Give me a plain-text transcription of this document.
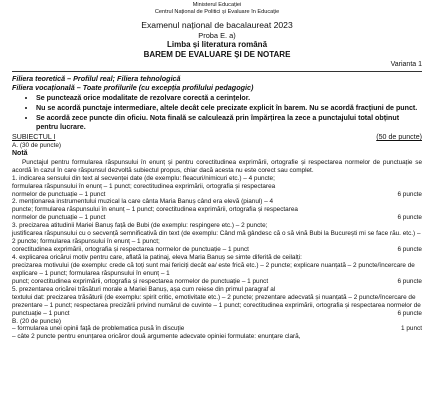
Ministerul Educației
Centrul Național de Politici și Evaluare în Educație
Examenul național de bacalaureat 2023
Proba E. a)
Limba și literatura română
BAREM DE EVALUARE ȘI DE NOTARE
Varianta 1
Filiera teoretică – Profilul real; Filiera tehnologică
Filiera vocațională – Toate profilurile (cu excepția profilului pedagogic)
• Se punctează orice modalitate de rezolvare corectă a cerințelor.
• Nu se acordă punctaje intermediare, altele decât cele precizate explicit în barem. Nu se acordă fracțiuni de punct.
• Se acordă zece puncte din oficiu. Nota finală se calculează prin împărțirea la zece a punctajului total obținut pentru lucrare.
SUBIECTUL I	(50 de puncte)
A. (30 de puncte)
Notă
Punctajul pentru formularea răspunsului în enunț și pentru corectitudinea exprimării, ortografie și respectarea normelor de punctuație se acordă în cazul în care răspunsul dezvoltă subiectul propus, chiar dacă acesta nu este corect sau complet.
1. indicarea sensului din text al secvenței date (de exemplu: fleacuri/nimicuri etc.) – 4 puncte;
formularea răspunsului în enunț – 1 punct; corectitudinea exprimării, ortografia și respectarea
normelor de punctuație – 1 punct	6 puncte
2. menționarea instrumentului muzical la care cânta Maria Banuș când era elevă (pianul) – 4
puncte; formularea răspunsului în enunț – 1 punct; corectitudinea exprimării, ortografia și respectarea
normelor de punctuație – 1 punct	6 puncte
3. precizarea atitudinii Mariei Banuș față de Bubi (de exemplu: respingere etc.) – 2 puncte;
justificarea răspunsului cu o secvență semnificativă din text (de exemplu: Când mă gândesc că o să vină Bubi la București mi se face rău. etc.) – 2 puncte; formularea răspunsului în enunț – 1 punct;
corectitudinea exprimării, ortografia și respectarea normelor de punctuație – 1 punct	6 puncte
4. explicarea oricărui motiv pentru care, aflată la patinaj, eleva Maria Banuș se simte diferită de ceilalți:
precizarea motivului (de exemplu: crede că toți sunt mai fericiți decât ea/ este frică etc.) – 2 puncte; explicare nuanțată – 2 puncte/încercare de explicare – 1 punct; formularea răspunsului în enunț – 1
punct; corectitudinea exprimării, ortografia și respectarea normelor de punctuație – 1 punct	6 puncte
5. prezentarea oricărei trăsături morale a Mariei Banuș, așa cum reiese din primul paragraf al
textului dat: precizarea trăsăturii (de exemplu: spirit critic, emotivitate etc.) – 2 puncte; prezentare adecvată și nuanțată – 2 puncte/încercare de prezentare – 1 punct; respectarea precizării privind numărul de cuvinte – 1 punct; corectitudinea exprimării, ortografia și respectarea normelor de
punctuație – 1 punct	6 puncte
B. (20 de puncte)
– formularea unei opinii față de problematica pusă în discuție	1 punct
– câte 2 puncte pentru enunțarea oricăror două argumente adecvate opiniei formulate: enunțare clară,
